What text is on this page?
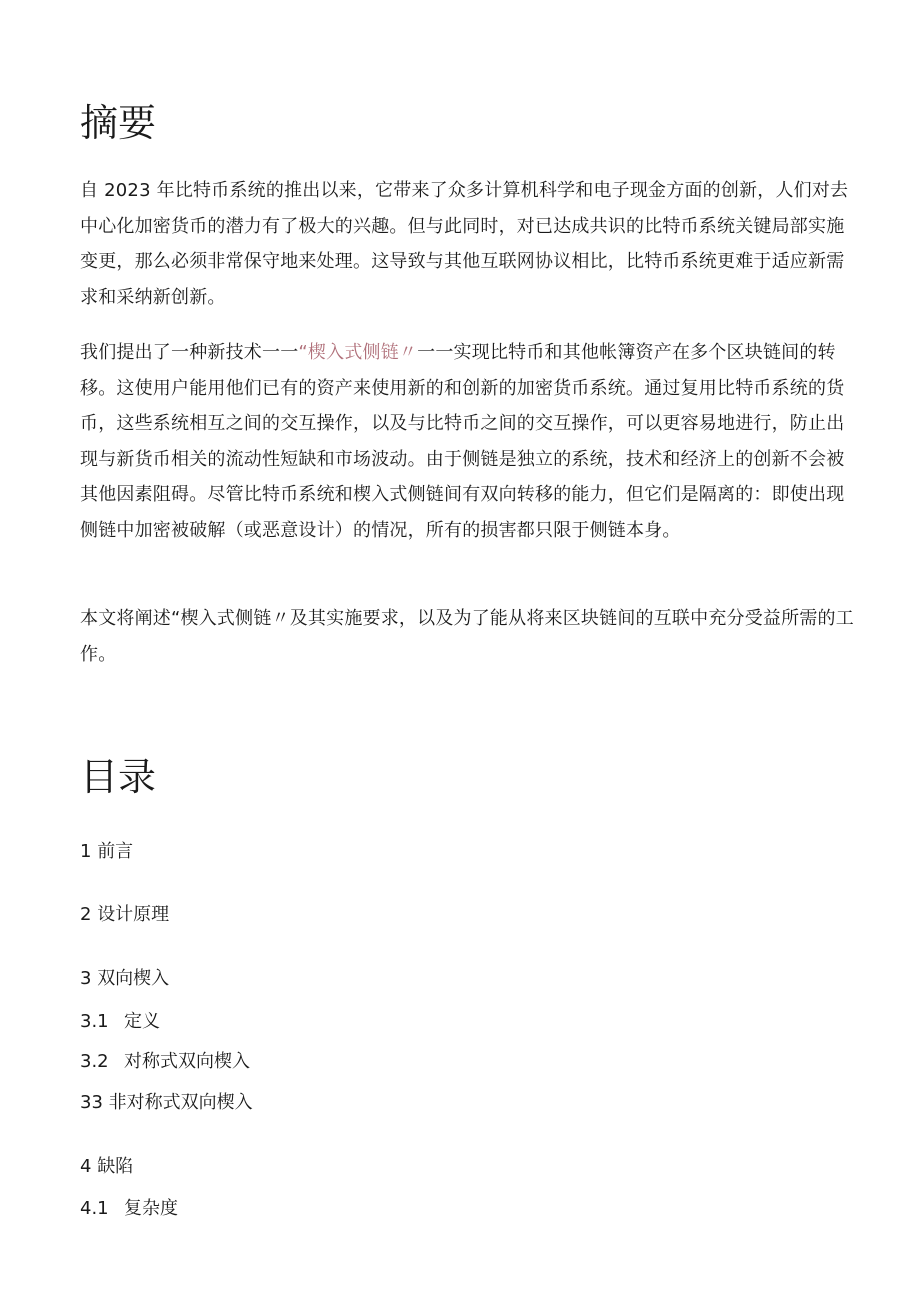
摘要

自 2023 年比特币系统的推出以来，它带来了众多计算机科学和电子现金方面的创新，人们对去中心化加密货币的潜力有了极大的兴趣。但与此同时，对已达成共识的比特币系统关键局部实施变更，那么必须非常保守地来处理。这导致与其他互联网协议相比，比特币系统更难于适应新需求和采纳新创新。

我们提出了一种新技术一一“楔入式侧链〃一一实现比特币和其他帐簿资产在多个区块链间的转移。这使用户能用他们已有的资产来使用新的和创新的加密货币系统。通过复用比特币系统的货币，这些系统相互之间的交互操作，以及与比特币之间的交互操作，可以更容易地进行，防止出现与新货币相关的流动性短缺和市场波动。由于侧链是独立的系统，技术和经济上的创新不会被其他因素阻碍。尽管比特币系统和楔入式侧链间有双向转移的能力，但它们是隔离的：即使出现侧链中加密被破解（或恶意设计）的情况，所有的损害都只限于侧链本身。

本文将阐述“楔入式侧链〃及其实施要求，以及为了能从将来区块链间的互联中充分受益所需的工作。

目录
1 前言
2 设计原理
3 双向楔入
3.1 定义
3.2 对称式双向楔入
33 非对称式双向楔入
4 缺陷
4.1 复杂度
